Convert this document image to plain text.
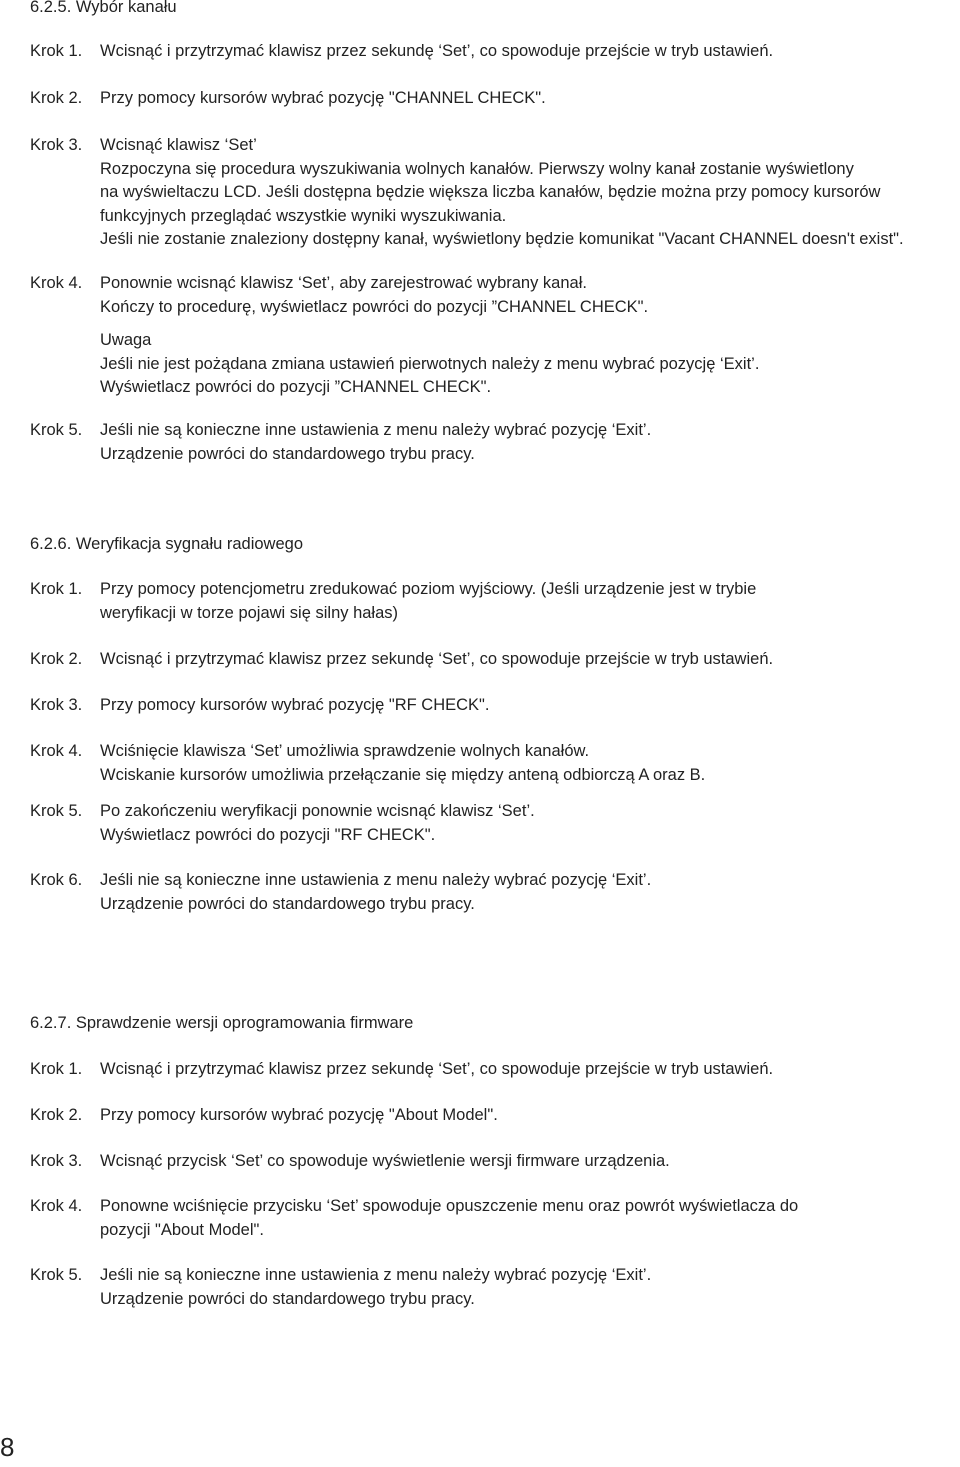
6.2.5. Wybór kanału
Krok 1.	Wcisnąć i przytrzymać klawisz przez sekundę ‘Set’, co spowoduje przejście w tryb ustawień.
Krok 2.	Przy pomocy kursorów wybrać pozycję "CHANNEL CHECK".
Krok 3.	Wcisnąć klawisz ‘Set’
Rozpoczyna się procedura wyszukiwania wolnych kanałów. Pierwszy wolny kanał zostanie wyświetlony
na wyświeltaczu LCD. Jeśli dostępna będzie większa liczba kanałów, będzie można przy pomocy kursorów
funkcyjnych przeglądać wszystkie wyniki wyszukiwania.
Jeśli nie zostanie znaleziony dostępny kanał, wyświetlony będzie komunikat "Vacant CHANNEL doesn't exist".
Krok 4.	Ponownie wcisnąć klawisz ‘Set’, aby zarejestrować wybrany kanał.
Kończy to procedurę, wyświetlacz powróci do pozycji ”CHANNEL CHECK".
Uwaga
Jeśli nie jest pożądana zmiana ustawień pierwotnych należy z menu wybrać pozycję ‘Exit’.
Wyświetlacz powróci do pozycji ”CHANNEL CHECK".
Krok 5.	Jeśli nie są konieczne inne ustawienia z menu należy wybrać pozycję ‘Exit’.
Urządzenie powróci do standardowego trybu pracy.
6.2.6. Weryfikacja sygnału radiowego
Krok 1.	Przy pomocy potencjometru zredukować poziom wyjściowy. (Jeśli urządzenie jest w trybie
weryfikacji w torze pojawi się silny hałas)
Krok 2.	Wcisnąć i przytrzymać klawisz przez sekundę ‘Set’, co spowoduje przejście w tryb ustawień.
Krok 3.	Przy pomocy kursorów wybrać pozycję "RF CHECK".
Krok 4.	Wciśnięcie klawisza ‘Set’ umożliwia sprawdzenie wolnych kanałów.
Wciskanie kursorów umożliwia przełączanie się między anteną odbiorczą A oraz B.
Krok 5.	Po zakończeniu weryfikacji ponownie wcisnąć klawisz ‘Set’.
Wyświetlacz powróci do pozycji "RF CHECK".
Krok 6.	Jeśli nie są konieczne inne ustawienia z menu należy wybrać pozycję ‘Exit’.
Urządzenie powróci do standardowego trybu pracy.
6.2.7. Sprawdzenie wersji oprogramowania firmware
Krok 1.	Wcisnąć i przytrzymać klawisz przez sekundę ‘Set’, co spowoduje przejście w tryb ustawień.
Krok 2.	Przy pomocy kursorów wybrać pozycję "About Model".
Krok 3.	Wcisnąć przycisk ‘Set’ co spowoduje wyświetlenie wersji firmware urządzenia.
Krok 4.	Ponowne wciśnięcie przycisku ‘Set’ spowoduje opuszczenie menu oraz powrót wyświetlacza do
pozycji "About Model".
Krok 5.	Jeśli nie są konieczne inne ustawienia z menu należy wybrać pozycję ‘Exit’.
Urządzenie powróci do standardowego trybu pracy.
8
